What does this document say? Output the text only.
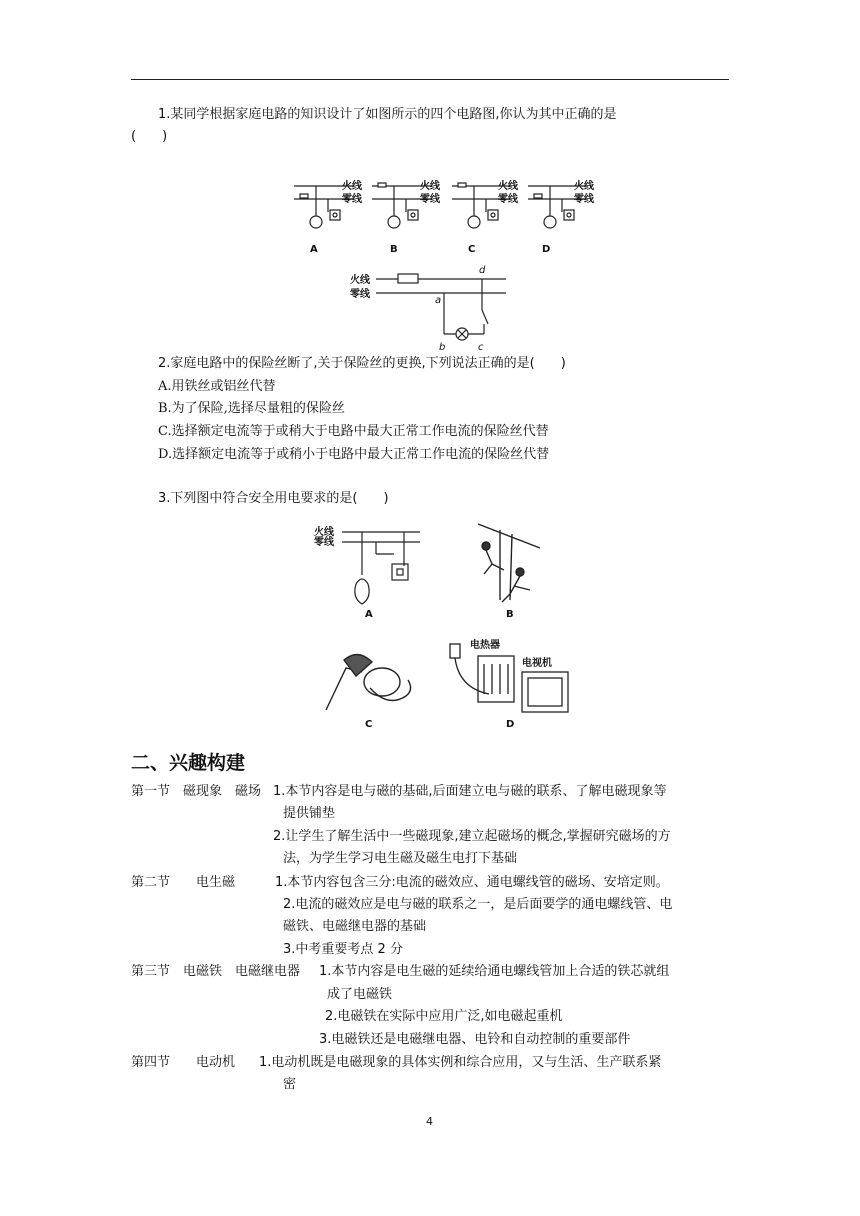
1.某同学根据家庭电路的知识设计了如图所示的四个电路图,你认为其中正确的是
(　　)
火线
零线
火线
零线
火线
零线
火线
零线
A	B	C	D
火线
零线
a
b	c
d
2.家庭电路中的保险丝断了,关于保险丝的更换,下列说法正确的是(　　)
A.用铁丝或铝丝代替
B.为了保险,选择尽量粗的保险丝
C.选择额定电流等于或稍大于电路中最大正常工作电流的保险丝代替
D.选择额定电流等于或稍小于电路中最大正常工作电流的保险丝代替
3.下列图中符合安全用电要求的是(　　)
火线
零线
电热器
电视机
A	B
C	D
二、兴趣构建
第一节　磁现象　磁场 1.本节内容是电与磁的基础,后面建立电与磁的联系、了解电磁现象等
提供铺垫
2.让学生了解生活中一些磁现象,建立起磁场的概念,掌握研究磁场的方
法，为学生学习电生磁及磁生电打下基础
第二节　　电生磁	1.本节内容包含三分:电流的磁效应、通电螺线管的磁场、安培定则。
2.电流的磁效应是电与磁的联系之一，是后面要学的通电螺线管、电
磁铁、电磁继电器的基础
3.中考重要考点 2 分
第三节　电磁铁　电磁继电器 1.本节内容是电生磁的延续给通电螺线管加上合适的铁芯就组
成了电磁铁
2.电磁铁在实际中应用广泛,如电磁起重机
3.电磁铁还是电磁继电器、电铃和自动控制的重要部件
第四节　　电动机 1.电动机既是电磁现象的具体实例和综合应用，又与生活、生产联系紧
密
4
